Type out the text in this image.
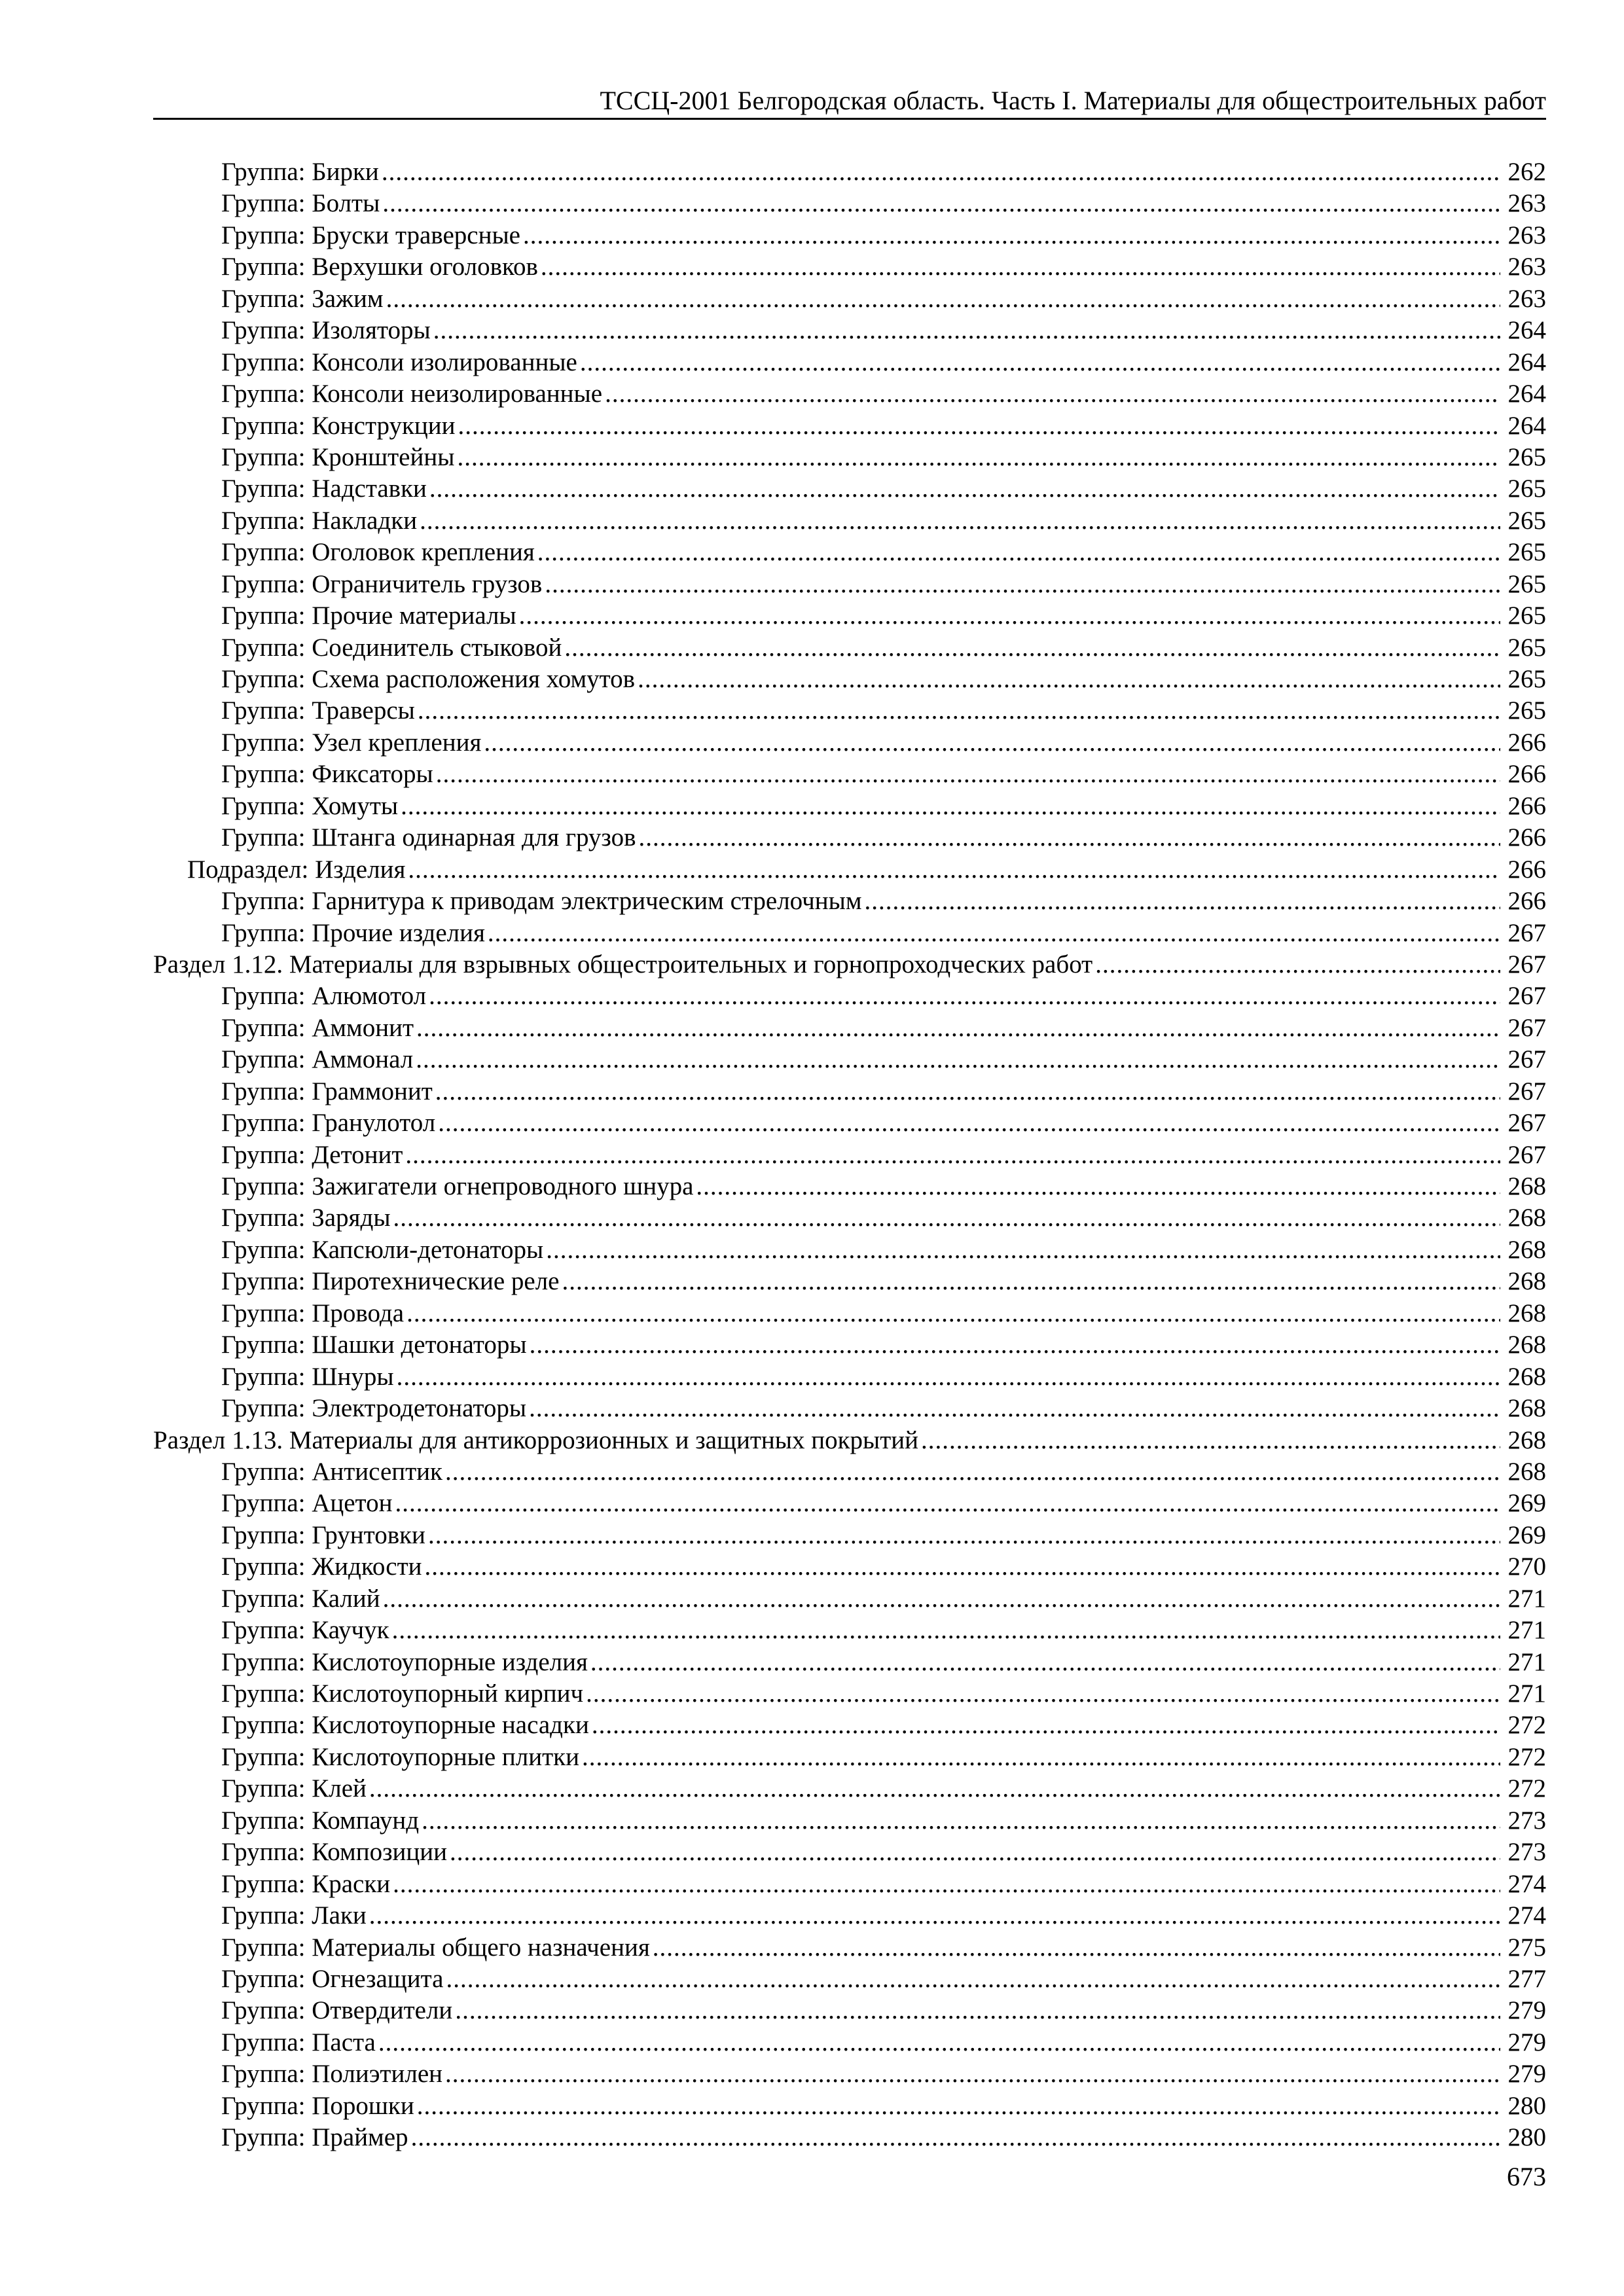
ТССЦ-2001 Белгородская область. Часть I. Материалы для общестроительных работ
Группа: Бирки .....	262
Группа: Болты .....	263
Группа: Бруски траверсные .....	263
Группа: Верхушки оголовков .....	263
Группа: Зажим .....	263
Группа: Изоляторы .....	264
Группа: Консоли изолированные .....	264
Группа: Консоли неизолированные .....	264
Группа: Конструкции .....	264
Группа: Кронштейны .....	265
Группа: Надставки .....	265
Группа: Накладки .....	265
Группа: Оголовок крепления .....	265
Группа: Ограничитель грузов .....	265
Группа: Прочие материалы .....	265
Группа: Соединитель стыковой .....	265
Группа: Схема расположения хомутов .....	265
Группа: Траверсы .....	265
Группа: Узел крепления .....	266
Группа: Фиксаторы .....	266
Группа: Хомуты .....	266
Группа: Штанга одинарная для грузов .....	266
Подраздел: Изделия .....	266
Группа: Гарнитура к приводам электрическим стрелочным .....	266
Группа: Прочие изделия .....	267
Раздел 1.12. Материалы для взрывных общестроительных и горнопроходческих работ .....	267
Группа: Алюмотол .....	267
Группа: Аммонит .....	267
Группа: Аммонал .....	267
Группа: Граммонит .....	267
Группа: Гранулотол .....	267
Группа: Детонит .....	267
Группа: Зажигатели огнепроводного шнура .....	268
Группа: Заряды .....	268
Группа: Капсюли-детонаторы .....	268
Группа: Пиротехнические реле .....	268
Группа: Провода .....	268
Группа: Шашки детонаторы .....	268
Группа: Шнуры .....	268
Группа: Электродетонаторы .....	268
Раздел 1.13. Материалы для антикоррозионных и защитных покрытий .....	268
Группа: Антисептик .....	268
Группа: Ацетон .....	269
Группа: Грунтовки .....	269
Группа: Жидкости .....	270
Группа: Калий .....	271
Группа: Каучук .....	271
Группа: Кислотоупорные изделия .....	271
Группа: Кислотоупорный кирпич .....	271
Группа: Кислотоупорные насадки .....	272
Группа: Кислотоупорные плитки .....	272
Группа: Клей .....	272
Группа: Компаунд .....	273
Группа: Композиции .....	273
Группа: Краски .....	274
Группа: Лаки .....	274
Группа: Материалы общего назначения .....	275
Группа: Огнезащита .....	277
Группа: Отвердители .....	279
Группа: Паста .....	279
Группа: Полиэтилен .....	279
Группа: Порошки .....	280
Группа: Праймер .....	280
673
